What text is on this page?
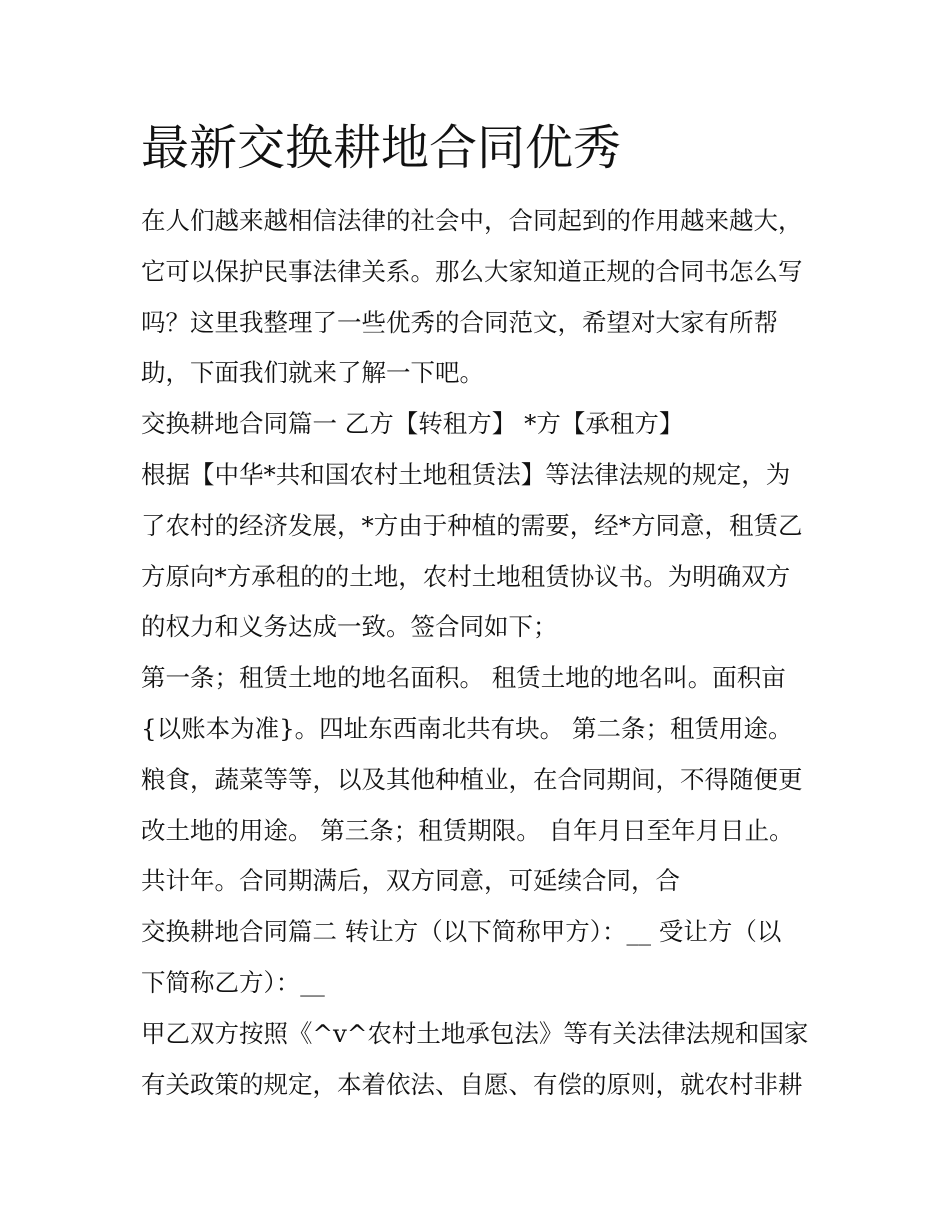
最新交换耕地合同优秀
在人们越来越相信法律的社会中，合同起到的作用越来越大，
它可以保护民事法律关系。那么大家知道正规的合同书怎么写
吗？这里我整理了一些优秀的合同范文，希望对大家有所帮
助，下面我们就来了解一下吧。
交换耕地合同篇一 乙方【转租方】 *方【承租方】
根据【中华*共和国农村土地租赁法】等法律法规的规定，为
了农村的经济发展，*方由于种植的需要，经*方同意，租赁乙
方原向*方承租的的土地，农村土地租赁协议书。为明确双方
的权力和义务达成一致。签合同如下；
第一条；租赁土地的地名面积。 租赁土地的地名叫。面积亩
{以账本为准}。四址东西南北共有块。 第二条；租赁用途。
粮食，蔬菜等等，以及其他种植业，在合同期间，不得随便更
改土地的用途。 第三条；租赁期限。 自年月日至年月日止。
共计年。合同期满后，双方同意，可延续合同，合
交换耕地合同篇二 转让方（以下简称甲方）：__ 受让方（以
下简称乙方）：__
甲乙双方按照《^v^农村土地承包法》等有关法律法规和国家
有关政策的规定，本着依法、自愿、有偿的原则，就农村非耕
